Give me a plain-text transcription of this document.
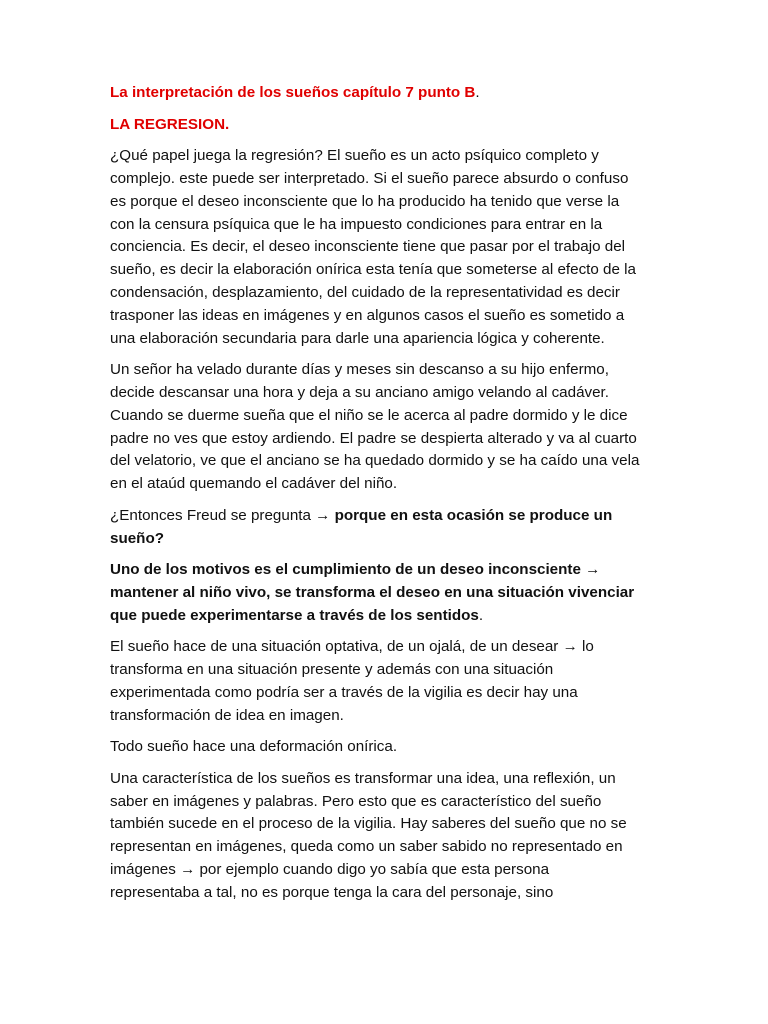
La interpretación de los sueños capítulo 7 punto B.

LA REGRESION.

¿Qué papel juega la regresión? El sueño es un acto psíquico completo y complejo. este puede ser interpretado. Si el sueño parece absurdo o confuso es porque el deseo inconsciente que lo ha producido ha tenido que verse la con la censura psíquica que le ha impuesto condiciones para entrar en la conciencia. Es decir, el deseo inconsciente tiene que pasar por el trabajo del sueño, es decir la elaboración onírica esta tenía que someterse al efecto de la condensación, desplazamiento, del cuidado de la representatividad es decir trasponer las ideas en imágenes y en algunos casos el sueño es sometido a una elaboración secundaria para darle una apariencia lógica y coherente.

Un señor ha velado durante días y meses sin descanso a su hijo enfermo, decide descansar una hora y deja a su anciano amigo velando al cadáver. Cuando se duerme sueña que el niño se le acerca al padre dormido y le dice padre no ves que estoy ardiendo. El padre se despierta alterado y va al cuarto del velatorio, ve que el anciano se ha quedado dormido y se ha caído una vela en el ataúd quemando el cadáver del niño.

¿Entonces Freud se pregunta → porque en esta ocasión se produce un sueño?

Uno de los motivos es el cumplimiento de un deseo inconsciente → mantener al niño vivo, se transforma el deseo en una situación vivenciar que puede experimentarse a través de los sentidos.

El sueño hace de una situación optativa, de un ojalá, de un desear → lo transforma en una situación presente y además con una situación experimentada como podría ser a través de la vigilia es decir hay una transformación de idea en imagen.

Todo sueño hace una deformación onírica.

Una característica de los sueños es transformar una idea, una reflexión, un saber en imágenes y palabras. Pero esto que es característico del sueño también sucede en el proceso de la vigilia. Hay saberes del sueño que no se representan en imágenes, queda como un saber sabido no representado en imágenes → por ejemplo cuando digo yo sabía que esta persona representaba a tal, no es porque tenga la cara del personaje, sino
